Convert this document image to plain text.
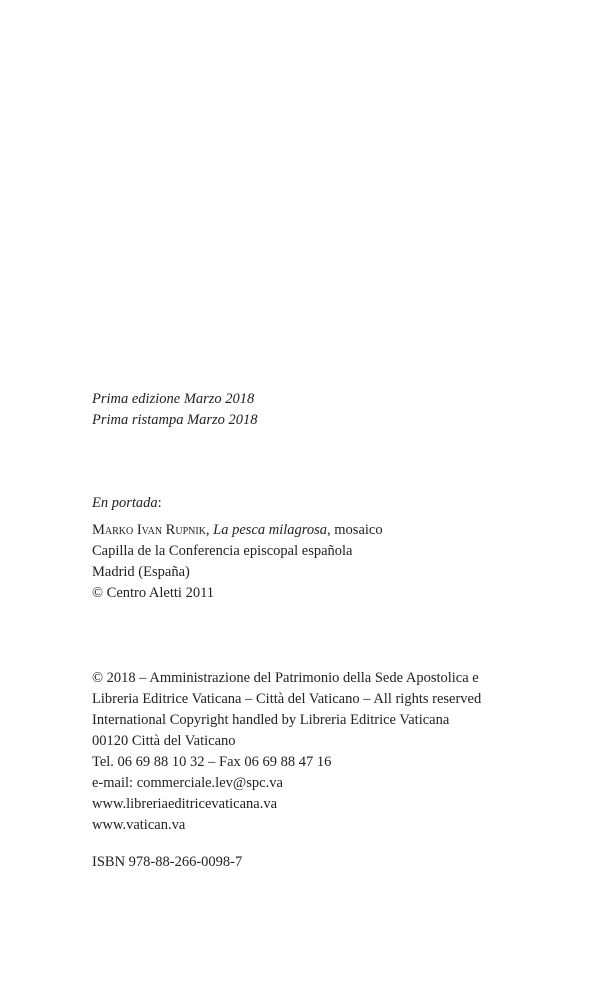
Prima edizione Marzo 2018
Prima ristampa Marzo 2018
En portada:
Marko Ivan Rupnik, La pesca milagrosa, mosaico
Capilla de la Conferencia episcopal española
Madrid (España)
© Centro Aletti 2011
© 2018 – Amministrazione del Patrimonio della Sede Apostolica e
Libreria Editrice Vaticana – Città del Vaticano – All rights reserved
International Copyright handled by Libreria Editrice Vaticana
00120 Città del Vaticano
Tel. 06 69 88 10 32 – Fax 06 69 88 47 16
e-mail: commerciale.lev@spc.va
www.libreriaeditricevaticana.va
www.vatican.va
ISBN 978-88-266-0098-7
